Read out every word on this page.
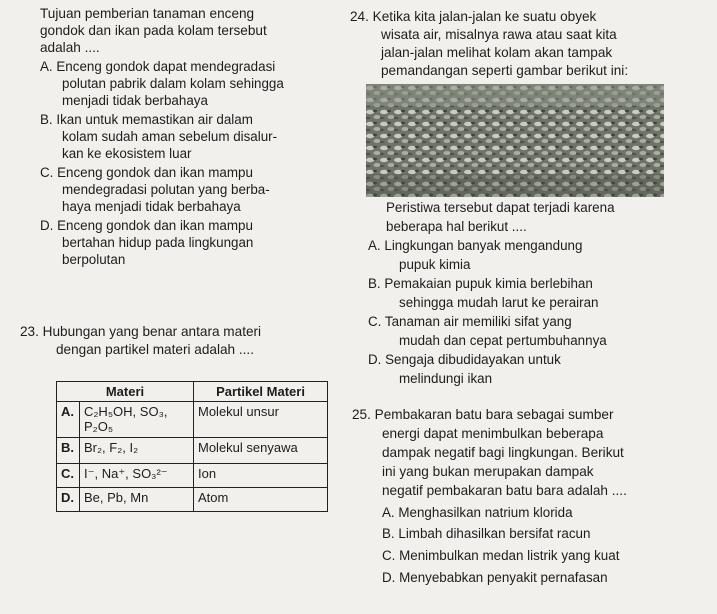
Tujuan pemberian tanaman enceng
gondok dan ikan pada kolam tersebut
adalah ....
A. Enceng gondok dapat mendegradasi
polutan pabrik dalam kolam sehingga
menjadi tidak berbahaya
B. Ikan untuk memastikan air dalam
kolam sudah aman sebelum disalur-
kan ke ekosistem luar
C. Enceng gondok dan ikan mampu
mendegradasi polutan yang berba-
haya menjadi tidak berbahaya
D. Enceng gondok dan ikan mampu
bertahan hidup pada lingkungan
berpolutan
23. Hubungan yang benar antara materi
dengan partikel materi adalah ....
Materi		Partikel Materi
A.	C₂H₅OH, SO₃, P₂O₅	Molekul unsur
B.	Br₂, F₂, I₂	Molekul senyawa
C.	I⁻, Na⁺, SO₃²⁻	Ion
D.	Be, Pb, Mn	Atom
24. Ketika kita jalan-jalan ke suatu obyek
wisata air, misalnya rawa atau saat kita
jalan-jalan melihat kolam akan tampak
pemandangan seperti gambar berikut ini:
Peristiwa tersebut dapat terjadi karena
beberapa hal berikut ....
A. Lingkungan banyak mengandung
pupuk kimia
B. Pemakaian pupuk kimia berlebihan
sehingga mudah larut ke perairan
C. Tanaman air memiliki sifat yang
mudah dan cepat pertumbuhannya
D. Sengaja dibudidayakan untuk
melindungi ikan
25. Pembakaran batu bara sebagai sumber
energi dapat menimbulkan beberapa
dampak negatif bagi lingkungan. Berikut
ini yang bukan merupakan dampak
negatif pembakaran batu bara adalah ....
A. Menghasilkan natrium klorida
B. Limbah dihasilkan bersifat racun
C. Menimbulkan medan listrik yang kuat
D. Menyebabkan penyakit pernafasan
